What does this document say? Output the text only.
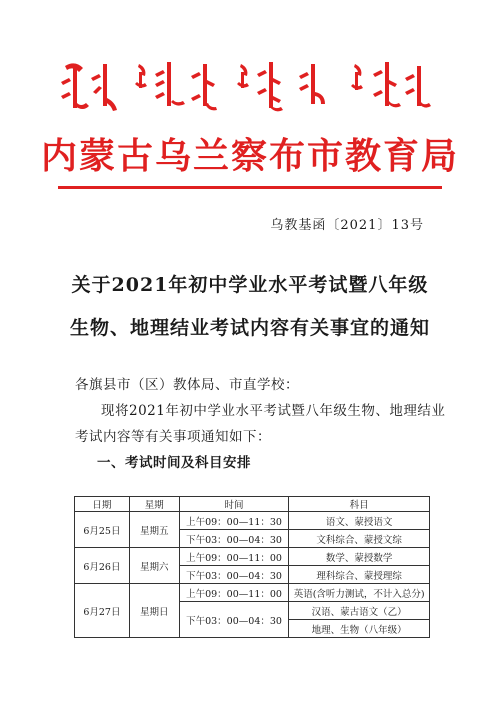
内蒙古乌兰察布市教育局
乌教基函〔2021〕13号
关于2021年初中学业水平考试暨八年级
生物、地理结业考试内容有关事宜的通知
各旗县市（区）教体局、市直学校：
现将2021年初中学业水平考试暨八年级生物、地理结业
考试内容等有关事项通知如下：
一、考试时间及科目安排
日期	星期	时间	科目
6月25日	星期五	上午09：00—11：30	语文、蒙授语文
		下午03：00—04：30	文科综合、蒙授文综
6月26日	星期六	上午09：00—11：00	数学、蒙授数学
		下午03：00—04：30	理科综合、蒙授理综
6月27日	星期日	上午09：00—11：00	英语(含听力测试，不计入总分)
		下午03：00—04：30	汉语、蒙古语文（乙）
			地理、生物（八年级）
